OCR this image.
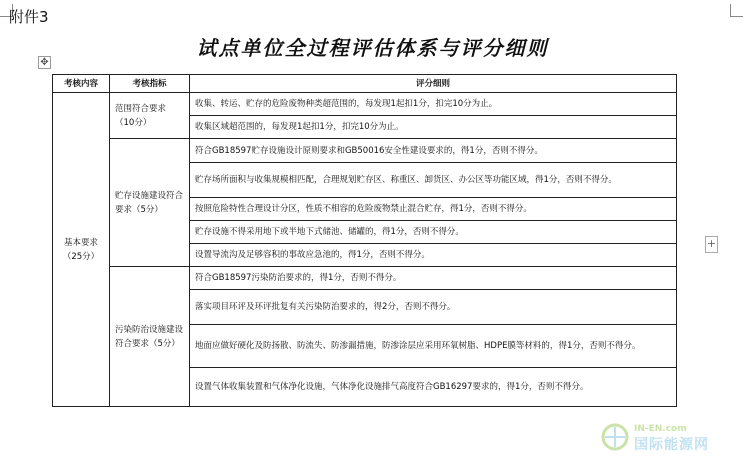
附件3
试点单位全过程评估体系与评分细则
✥
考核内容	考核指标	评分细则
基本要求
（25分）	范围符合要求（10分）	收集、转运、贮存的危险废物种类超范围的，每发现1起扣1分，扣完10分为止。
		收集区域超范围的，每发现1起扣1分，扣完10分为止。
	贮存设施建设符合要求（5分）	符合GB18597贮存设施设计原则要求和GB50016安全性建设要求的，得1分，否则不得分。
		贮存场所面积与收集规模相匹配，合理规划贮存区、称重区、卸货区、办公区等功能区域，得1分，否则不得分。
		按照危险特性合理设计分区，性质不相容的危险废物禁止混合贮存，得1分，否则不得分。
		贮存设施不得采用地下或半地下式储池、储罐的，得1分，否则不得分。
		设置导流沟及足够容积的事故应急池的，得1分，否则不得分。
	污染防治设施建设符合要求（5分）	符合GB18597污染防治要求的，得1分，否则不得分。
		落实项目环评及环评批复有关污染防治要求的，得2分，否则不得分。
		地面应做好硬化及防扬散、防流失、防渗漏措施，防渗涂层应采用环氧树脂、HDPE膜等材料的，得1分，否则不得分。
		设置气体收集装置和气体净化设施，气体净化设施排气高度符合GB16297要求的，得1分，否则不得分。
+
IN-EN.com
国际能源网
